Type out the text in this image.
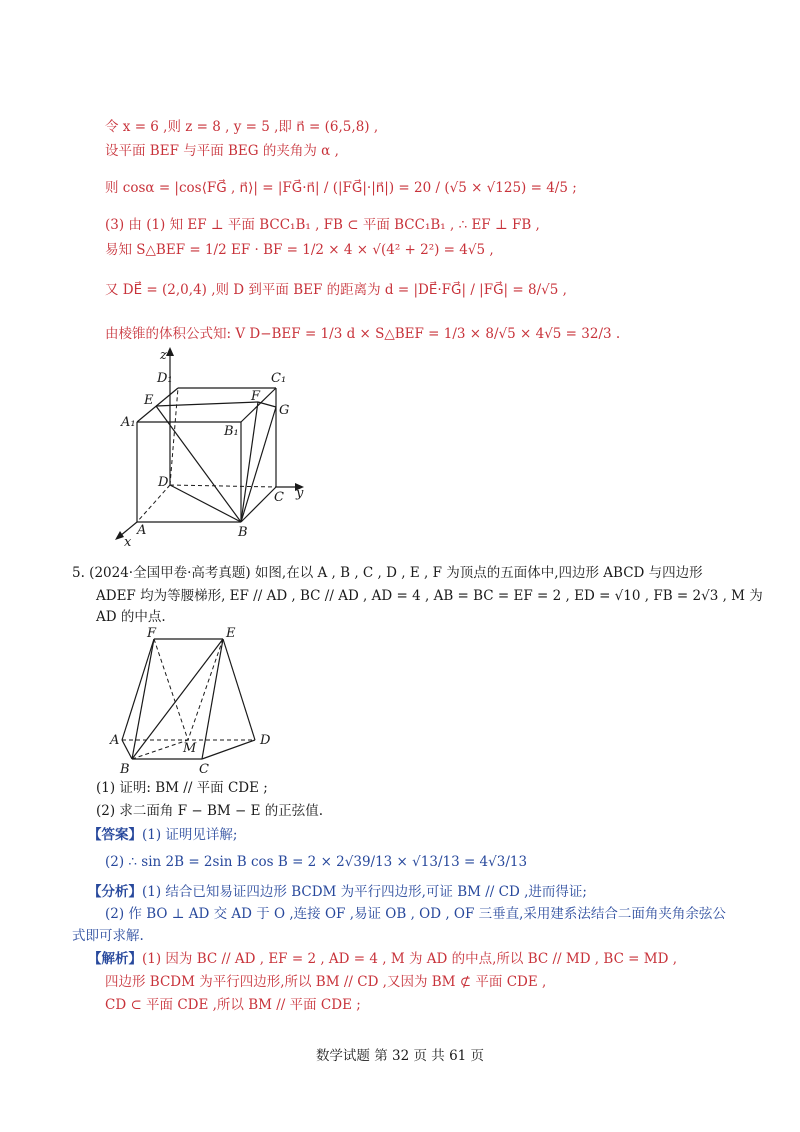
令 x = 6 ,则 z = 8 , y = 5 ,即 n⃗ = (6,5,8) ,
设平面 BEF 与平面 BEG 的夹角为 α ,
则 cosα = |cos⟨FG⃗ , n⃗⟩| = |FG⃗·n⃗| / (|FG⃗|·|n⃗|) = 20 / (√5 × √125) = 4/5 ;
(3) 由 (1) 知 EF ⊥ 平面 BCC₁B₁ , FB ⊂ 平面 BCC₁B₁ , ∴ EF ⊥ FB ,
易知 S△BEF = 1/2 EF · BF = 1/2 × 4 × √(4² + 2²) = 4√5 ,
又 DE⃗ = (2,0,4) ,则 D 到平面 BEF 的距离为 d = |DE⃗·FG⃗| / |FG⃗| = 8/√5 ,
由棱锥的体积公式知: V D−BEF = 1/3 d × S△BEF = 1/3 × 8/√5 × 4√5 = 32/3 .
z
y
x
D₁	C₁
E	F
G
A₁
B₁
D
C
A	B
5. (2024·全国甲卷·高考真题) 如图,在以 A , B , C , D , E , F 为顶点的五面体中,四边形 ABCD 与四边形
ADEF 均为等腰梯形, EF // AD , BC // AD , AD = 4 , AB = BC = EF = 2 , ED = √10 , FB = 2√3 , M 为
AD 的中点.
F	E
A
M
D
B	C
(1) 证明: BM // 平面 CDE ;
(2) 求二面角 F − BM − E 的正弦值.
【答案】(1) 证明见详解;
(2) ∴ sin 2B = 2sin B cos B = 2 × 2√39/13 × √13/13 = 4√3/13
【分析】(1) 结合已知易证四边形 BCDM 为平行四边形,可证 BM // CD ,进而得证;
(2) 作 BO ⊥ AD 交 AD 于 O ,连接 OF ,易证 OB , OD , OF 三垂直,采用建系法结合二面角夹角余弦公
式即可求解.
【解析】(1) 因为 BC // AD , EF = 2 , AD = 4 , M 为 AD 的中点,所以 BC // MD , BC = MD ,
四边形 BCDM 为平行四边形,所以 BM // CD ,又因为 BM ⊄ 平面 CDE ,
CD ⊂ 平面 CDE ,所以 BM // 平面 CDE ;
数学试题 第 32 页 共 61 页
